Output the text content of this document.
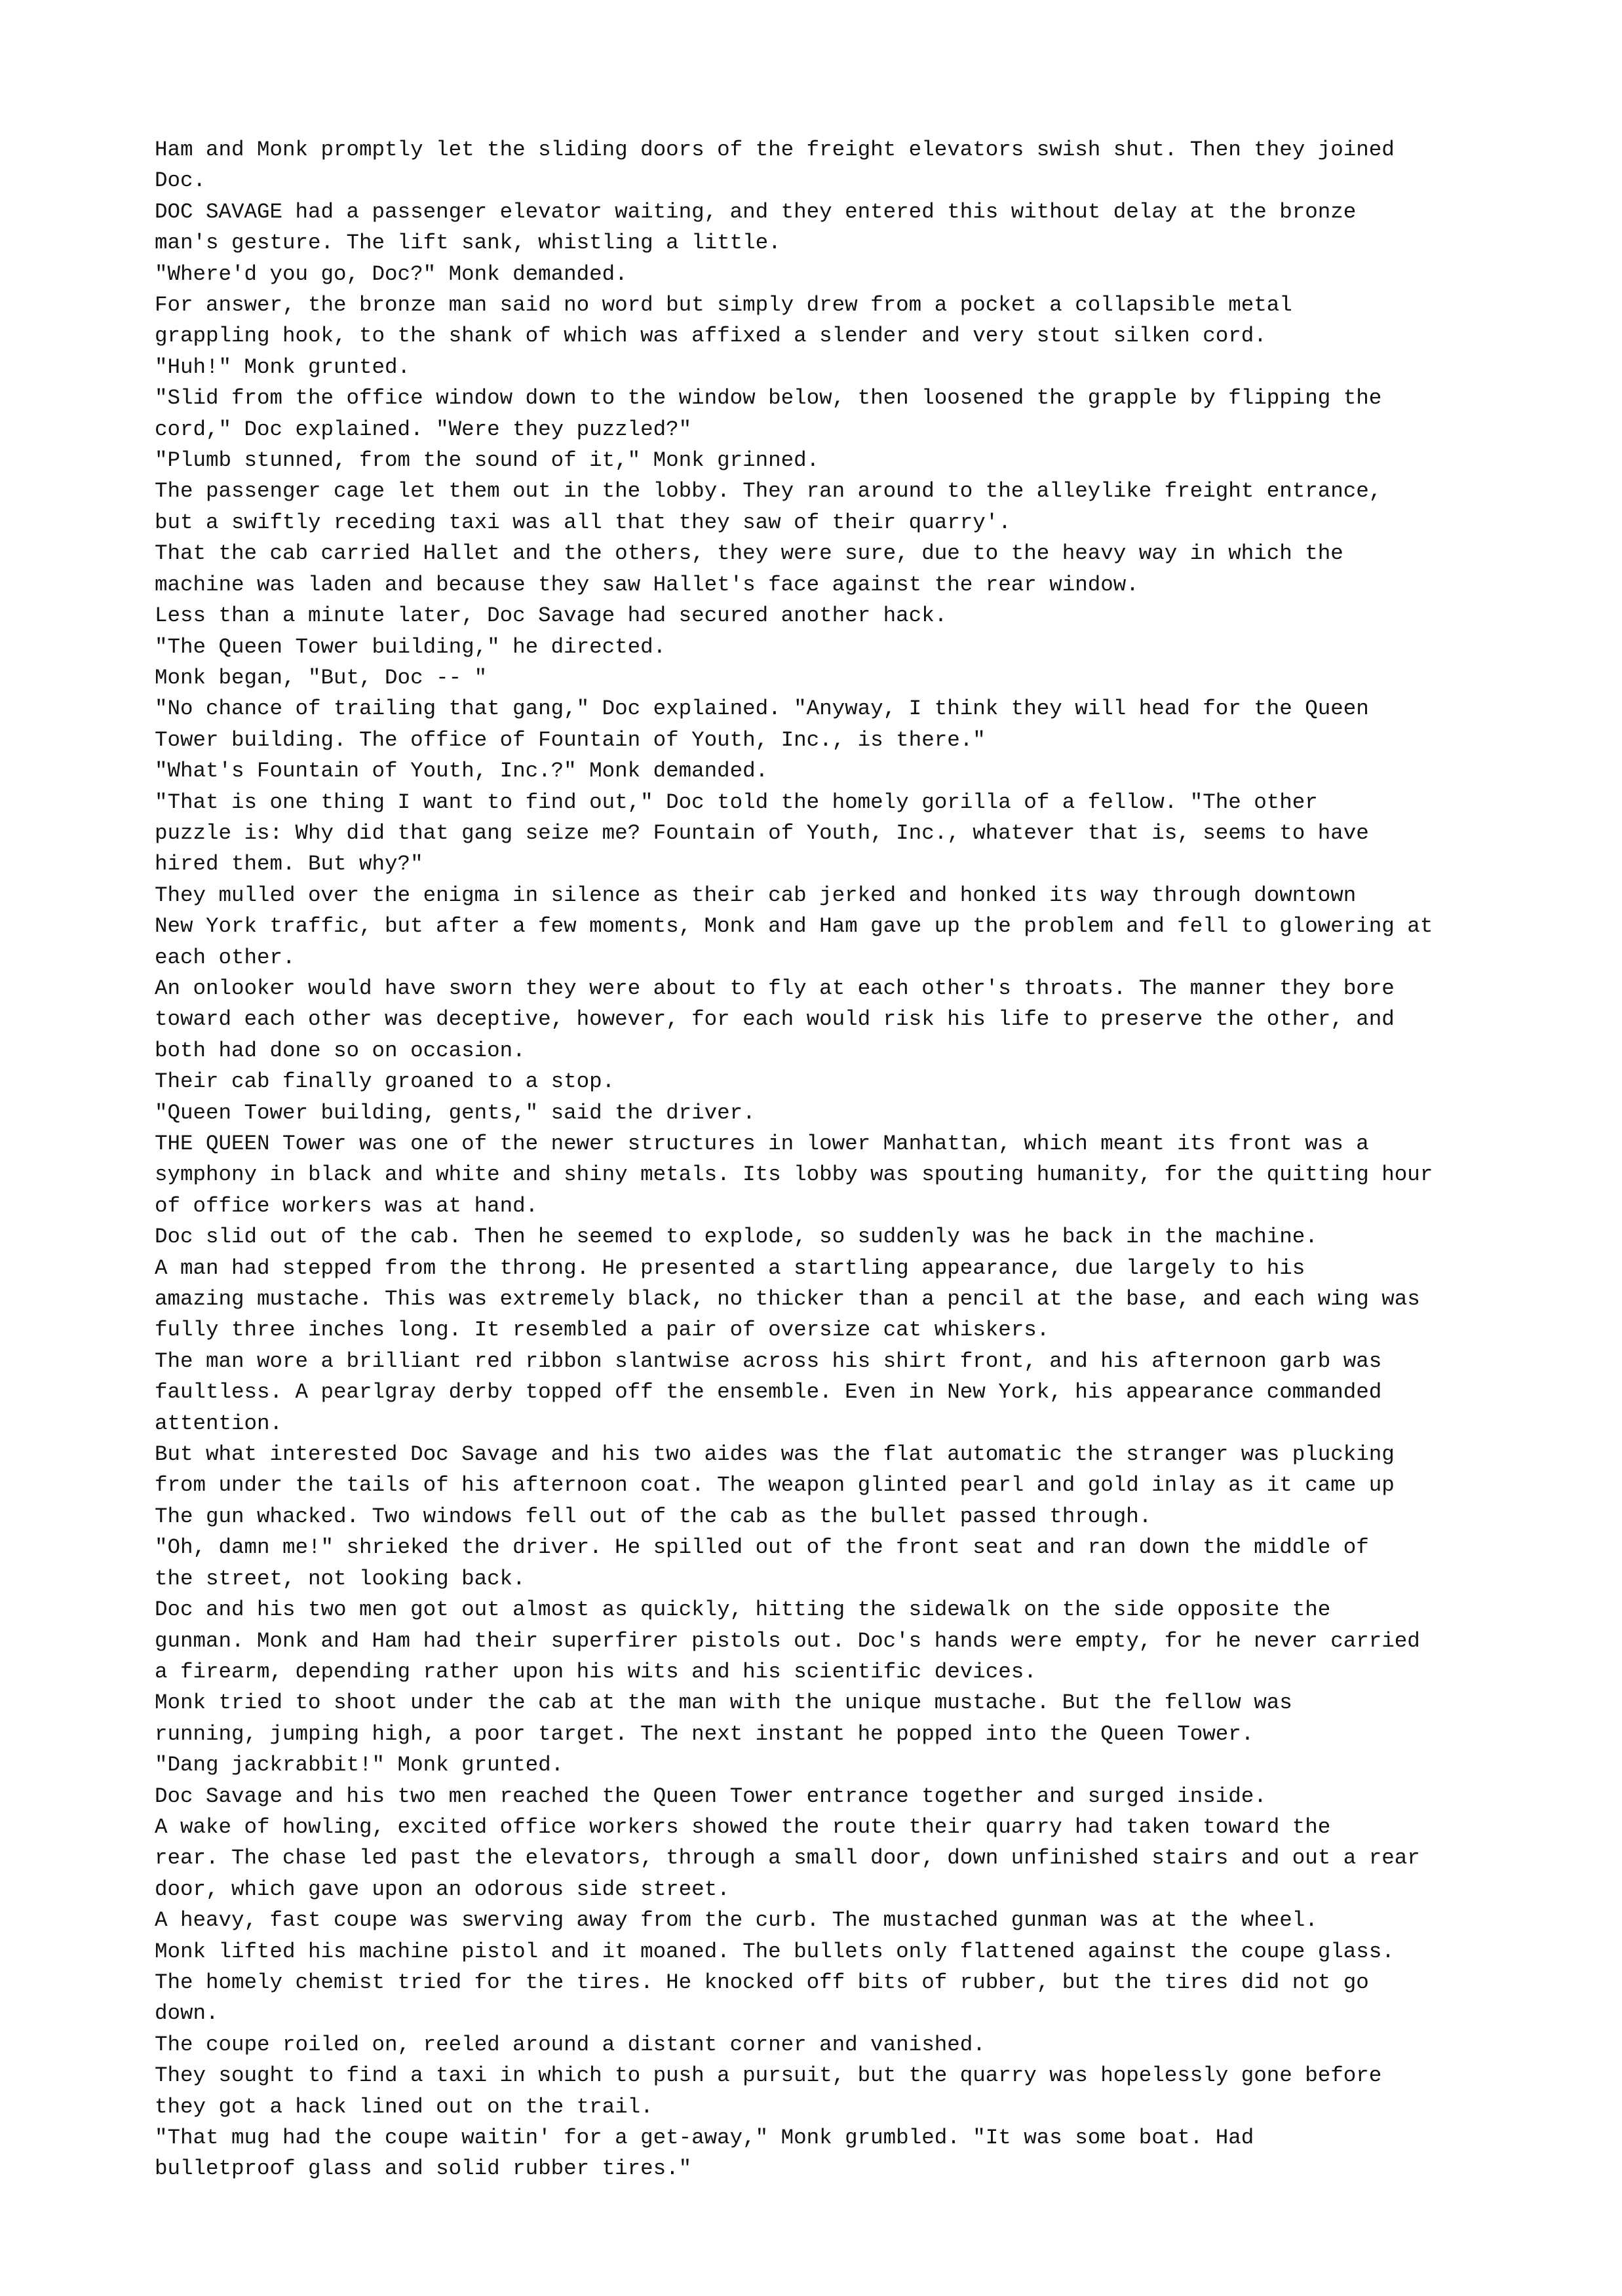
Ham and Monk promptly let the sliding doors of the freight elevators swish shut. Then they joined
Doc.

DOC SAVAGE had a passenger elevator waiting, and they entered this without delay at the bronze
man's gesture. The lift sank, whistling a little.

"Where'd you go, Doc?" Monk demanded.

For answer, the bronze man said no word but simply drew from a pocket a collapsible metal
grappling hook, to the shank of which was affixed a slender and very stout silken cord.

"Huh!" Monk grunted.

"Slid from the office window down to the window below, then loosened the grapple by flipping the
cord," Doc explained. "Were they puzzled?"

"Plumb stunned, from the sound of it," Monk grinned.

The passenger cage let them out in the lobby. They ran around to the alleylike freight entrance,
but a swiftly receding taxi was all that they saw of their quarry'.

That the cab carried Hallet and the others, they were sure, due to the heavy way in which the
machine was laden and because they saw Hallet's face against the rear window.

Less than a minute later, Doc Savage had secured another hack.

"The Queen Tower building," he directed.

Monk began, "But, Doc -- "

"No chance of trailing that gang," Doc explained. "Anyway, I think they will head for the Queen
Tower building. The office of Fountain of Youth, Inc., is there."

"What's Fountain of Youth, Inc.?" Monk demanded.

"That is one thing I want to find out," Doc told the homely gorilla of a fellow. "The other
puzzle is: Why did that gang seize me? Fountain of Youth, Inc., whatever that is, seems to have
hired them. But why?"

They mulled over the enigma in silence as their cab jerked and honked its way through downtown
New York traffic, but after a few moments, Monk and Ham gave up the problem and fell to glowering at
each other.

An onlooker would have sworn they were about to fly at each other's throats. The manner they bore
toward each other was deceptive, however, for each would risk his life to preserve the other, and
both had done so on occasion.

Their cab finally groaned to a stop.

"Queen Tower building, gents," said the driver.

THE QUEEN Tower was one of the newer structures in lower Manhattan, which meant its front was a
symphony in black and white and shiny metals. Its lobby was spouting humanity, for the quitting hour
of office workers was at hand.

Doc slid out of the cab. Then he seemed to explode, so suddenly was he back in the machine.

A man had stepped from the throng. He presented a startling appearance, due largely to his
amazing mustache. This was extremely black, no thicker than a pencil at the base, and each wing was
fully three inches long. It resembled a pair of oversize cat whiskers.

The man wore a brilliant red ribbon slantwise across his shirt front, and his afternoon garb was
faultless. A pearlgray derby topped off the ensemble. Even in New York, his appearance commanded
attention.

But what interested Doc Savage and his two aides was the flat automatic the stranger was plucking
from under the tails of his afternoon coat. The weapon glinted pearl and gold inlay as it came up

The gun whacked. Two windows fell out of the cab as the bullet passed through.

"Oh, damn me!" shrieked the driver. He spilled out of the front seat and ran down the middle of
the street, not looking back.

Doc and his two men got out almost as quickly, hitting the sidewalk on the side opposite the
gunman. Monk and Ham had their superfirer pistols out. Doc's hands were empty, for he never carried
a firearm, depending rather upon his wits and his scientific devices.

Monk tried to shoot under the cab at the man with the unique mustache. But the fellow was
running, jumping high, a poor target. The next instant he popped into the Queen Tower.

"Dang jackrabbit!" Monk grunted.

Doc Savage and his two men reached the Queen Tower entrance together and surged inside.

A wake of howling, excited office workers showed the route their quarry had taken toward the
rear. The chase led past the elevators, through a small door, down unfinished stairs and out a rear
door, which gave upon an odorous side street.

A heavy, fast coupe was swerving away from the curb. The mustached gunman was at the wheel.

Monk lifted his machine pistol and it moaned. The bullets only flattened against the coupe glass.
The homely chemist tried for the tires. He knocked off bits of rubber, but the tires did not go
down.

The coupe roiled on, reeled around a distant corner and vanished.

They sought to find a taxi in which to push a pursuit, but the quarry was hopelessly gone before
they got a hack lined out on the trail.

"That mug had the coupe waitin' for a get-away," Monk grumbled. "It was some boat. Had
bulletproof glass and solid rubber tires."
